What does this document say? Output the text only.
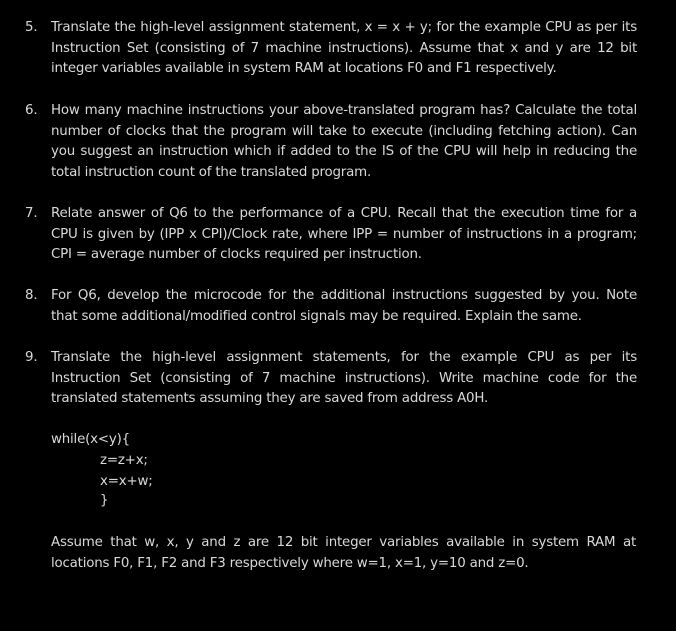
5.	Translate the high-level assignment statement, x = x + y; for the example CPU as per its Instruction Set (consisting of 7 machine instructions). Assume that x and y are 12 bit integer variables available in system RAM at locations F0 and F1 respectively.
6.	How many machine instructions your above-translated program has? Calculate the total number of clocks that the program will take to execute (including fetching action). Can you suggest an instruction which if added to the IS of the CPU will help in reducing the total instruction count of the translated program.
7.	Relate answer of Q6 to the performance of a CPU. Recall that the execution time for a CPU is given by (IPP x CPI)/Clock rate, where IPP = number of instructions in a program; CPI = average number of clocks required per instruction.
8.	For Q6, develop the microcode for the additional instructions suggested by you. Note that some additional/modified control signals may be required. Explain the same.
9.	Translate the high-level assignment statements, for the example CPU as per its Instruction Set (consisting of 7 machine instructions). Write machine code for the translated statements assuming they are saved from address A0H.
while(x<y){
z=z+x;
x=x+w;
}
Assume that w, x, y and z are 12 bit integer variables available in system RAM at locations F0, F1, F2 and F3 respectively where w=1, x=1, y=10 and z=0.
